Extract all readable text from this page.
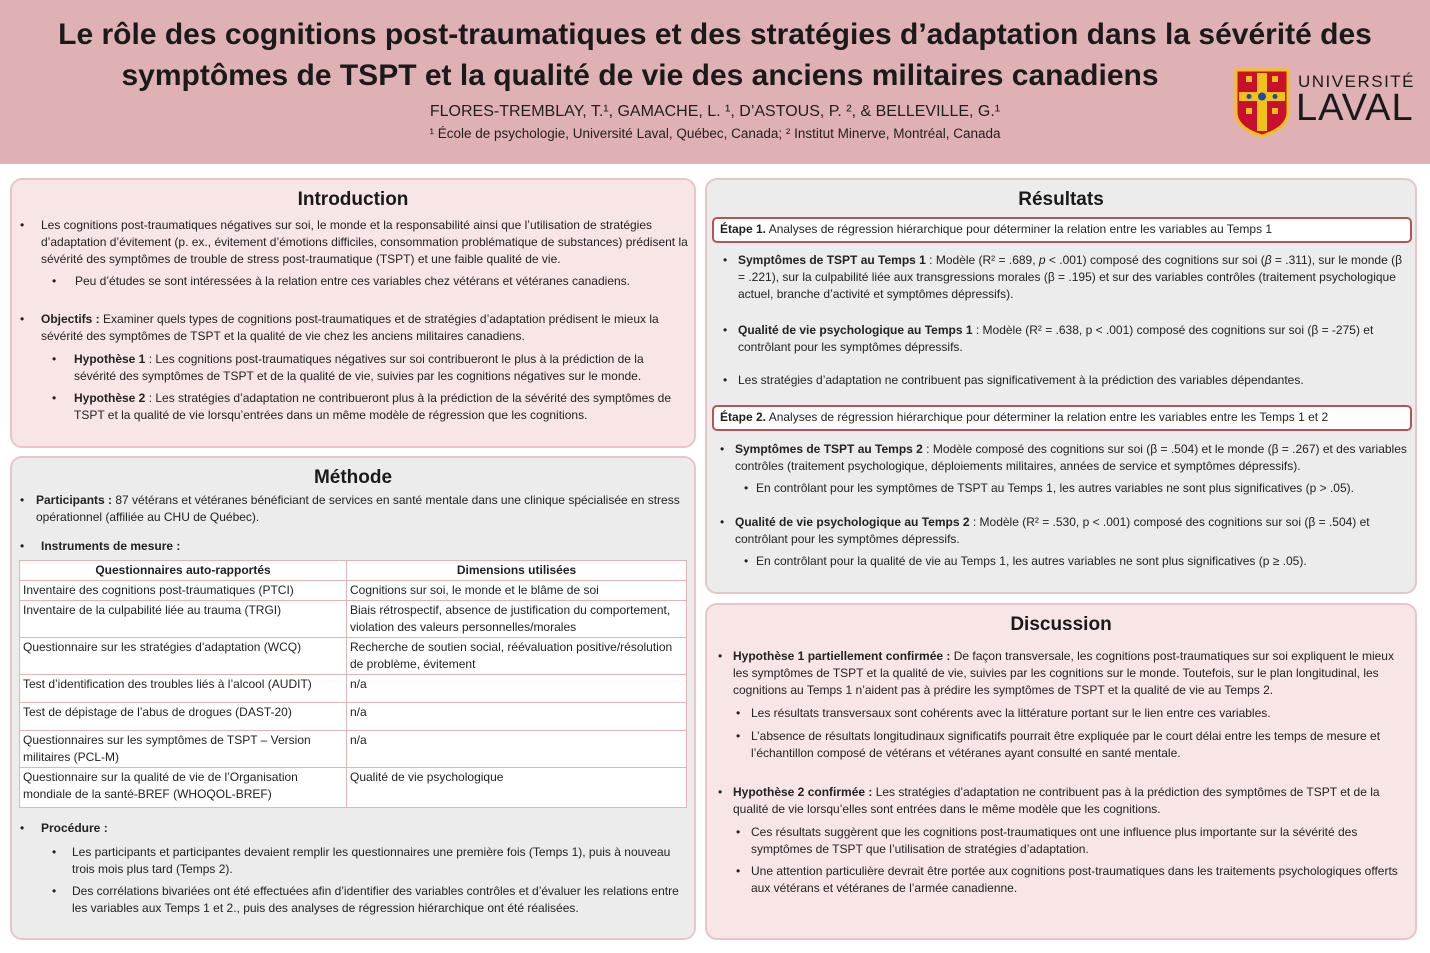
Le rôle des cognitions post-traumatiques et des stratégies d’adaptation dans la sévérité des
symptômes de TSPT et la qualité de vie des anciens militaires canadiens
FLORES-TREMBLAY, T.¹, GAMACHE, L. ¹, D’ASTOUS, P. ², & BELLEVILLE, G.¹
¹ École de psychologie, Université Laval, Québec, Canada; ² Institut Minerve, Montréal, Canada
UNIVERSITÉ
LAVAL
Introduction
• Les cognitions post-traumatiques négatives sur soi, le monde et la responsabilité ainsi que l’utilisation de stratégies d’adaptation d’évitement (p. ex., évitement d’émotions difficiles, consommation problématique de substances) prédisent la sévérité des symptômes de trouble de stress post-traumatique (TSPT) et une faible qualité de vie.
• Peu d’études se sont intéressées à la relation entre ces variables chez vétérans et vétéranes canadiens.
• Objectifs : Examiner quels types de cognitions post-traumatiques et de stratégies d’adaptation prédisent le mieux la sévérité des symptômes de TSPT et la qualité de vie chez les anciens militaires canadiens.
• Hypothèse 1 : Les cognitions post-traumatiques négatives sur soi contribueront le plus à la prédiction de la sévérité des symptômes de TSPT et de la qualité de vie, suivies par les cognitions négatives sur le monde.
• Hypothèse 2 : Les stratégies d’adaptation ne contribueront plus à la prédiction de la sévérité des symptômes de TSPT et la qualité de vie lorsqu’entrées dans un même modèle de régression que les cognitions.
Méthode
• Participants : 87 vétérans et vétéranes bénéficiant de services en santé mentale dans une clinique spécialisée en stress opérationnel (affiliée au CHU de Québec).
• Instruments de mesure :
Questionnaires auto-rapportés	Dimensions utilisées
Inventaire des cognitions post-traumatiques (PTCI)	Cognitions sur soi, le monde et le blâme de soi
Inventaire de la culpabilité liée au trauma (TRGI)	Biais rétrospectif, absence de justification du comportement, violation des valeurs personnelles/morales
Questionnaire sur les stratégies d’adaptation (WCQ)	Recherche de soutien social, réévaluation positive/résolution de problème, évitement
Test d’identification des troubles liés à l’alcool (AUDIT)	n/a
Test de dépistage de l’abus de drogues (DAST-20)	n/a
Questionnaires sur les symptômes de TSPT – Version militaires (PCL-M)	n/a
Questionnaire sur la qualité de vie de l’Organisation mondiale de la santé-BREF (WHOQOL-BREF)	Qualité de vie psychologique
• Procédure :
• Les participants et participantes devaient remplir les questionnaires une première fois (Temps 1), puis à nouveau trois mois plus tard (Temps 2).
• Des corrélations bivariées ont été effectuées afin d’identifier des variables contrôles et d’évaluer les relations entre les variables aux Temps 1 et 2., puis des analyses de régression hiérarchique ont été réalisées.
Résultats
Étape 1. Analyses de régression hiérarchique pour déterminer la relation entre les variables au Temps 1
• Symptômes de TSPT au Temps 1 : Modèle (R² = .689, p < .001) composé des cognitions sur soi (β = .311), sur le monde (β = .221), sur la culpabilité liée aux transgressions morales (β = .195) et sur des variables contrôles (traitement psychologique actuel, branche d’activité et symptômes dépressifs).
• Qualité de vie psychologique au Temps 1 : Modèle (R² = .638, p < .001) composé des cognitions sur soi (β = -275) et contrôlant pour les symptômes dépressifs.
• Les stratégies d’adaptation ne contribuent pas significativement à la prédiction des variables dépendantes.
Étape 2. Analyses de régression hiérarchique pour déterminer la relation entre les variables entre les Temps 1 et 2
• Symptômes de TSPT au Temps 2 : Modèle composé des cognitions sur soi (β = .504) et le monde (β = .267) et des variables contrôles (traitement psychologique, déploiements militaires, années de service et symptômes dépressifs).
• En contrôlant pour les symptômes de TSPT au Temps 1, les autres variables ne sont plus significatives (p > .05).
• Qualité de vie psychologique au Temps 2 : Modèle (R² = .530, p < .001) composé des cognitions sur soi (β = .504) et contrôlant pour les symptômes dépressifs.
• En contrôlant pour la qualité de vie au Temps 1, les autres variables ne sont plus significatives (p ≥ .05).
Discussion
• Hypothèse 1 partiellement confirmée : De façon transversale, les cognitions post-traumatiques sur soi expliquent le mieux les symptômes de TSPT et la qualité de vie, suivies par les cognitions sur le monde. Toutefois, sur le plan longitudinal, les cognitions au Temps 1 n’aident pas à prédire les symptômes de TSPT et la qualité de vie au Temps 2.
• Les résultats transversaux sont cohérents avec la littérature portant sur le lien entre ces variables.
• L’absence de résultats longitudinaux significatifs pourrait être expliquée par le court délai entre les temps de mesure et l’échantillon composé de vétérans et vétéranes ayant consulté en santé mentale.
• Hypothèse 2 confirmée : Les stratégies d’adaptation ne contribuent pas à la prédiction des symptômes de TSPT et de la qualité de vie lorsqu’elles sont entrées dans le même modèle que les cognitions.
• Ces résultats suggèrent que les cognitions post-traumatiques ont une influence plus importante sur la sévérité des symptômes de TSPT que l’utilisation de stratégies d’adaptation.
• Une attention particulière devrait être portée aux cognitions post-traumatiques dans les traitements psychologiques offerts aux vétérans et vétéranes de l’armée canadienne.
